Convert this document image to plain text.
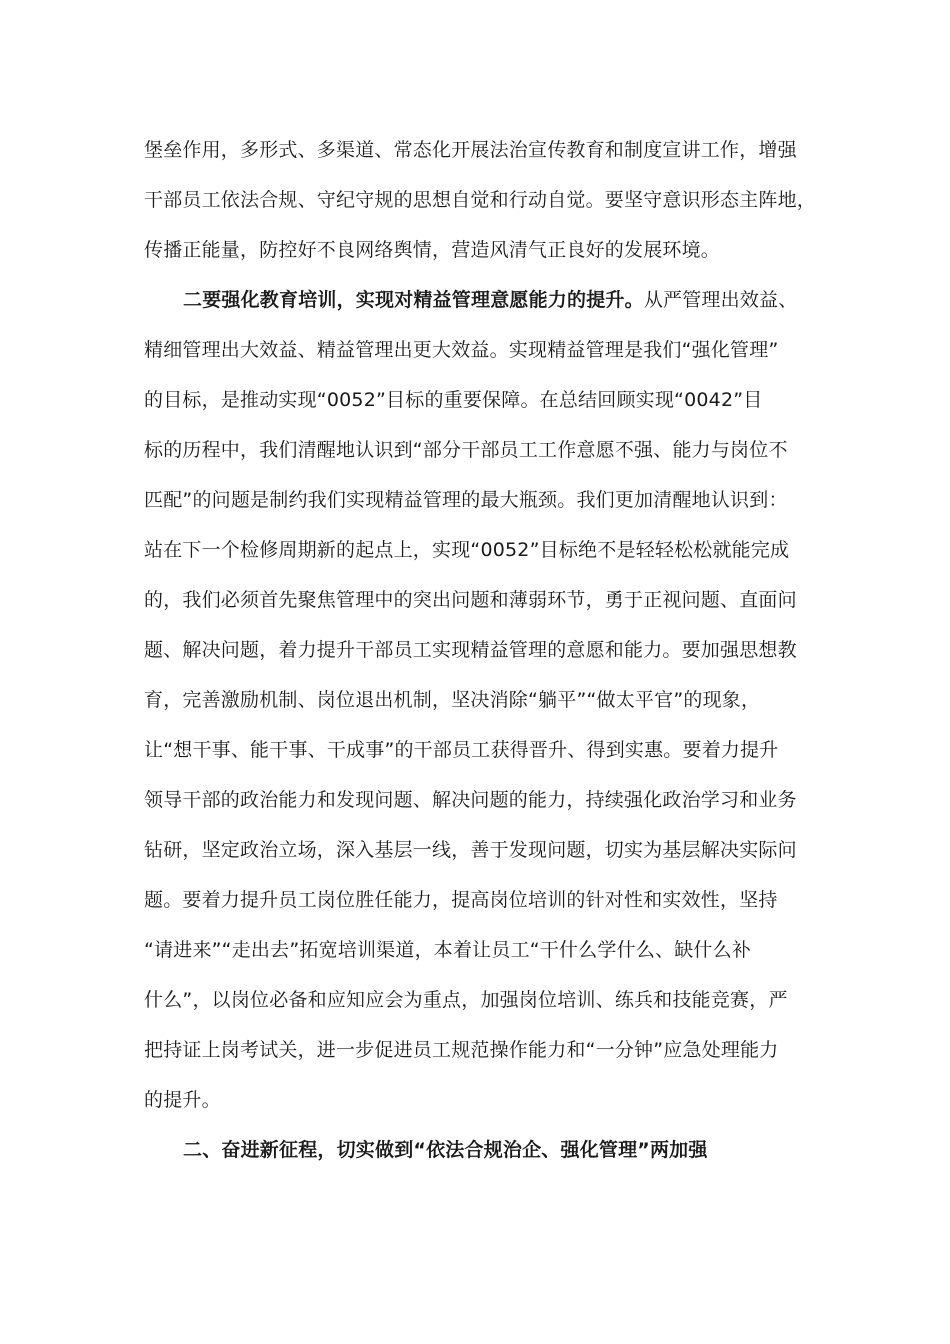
堡垒作用，多形式、多渠道、常态化开展法治宣传教育和制度宣讲工作，增强
干部员工依法合规、守纪守规的思想自觉和行动自觉。要坚守意识形态主阵地，
传播正能量，防控好不良网络舆情，营造风清气正良好的发展环境。
二要强化教育培训，实现对精益管理意愿能力的提升。从严管理出效益、
精细管理出大效益、精益管理出更大效益。实现精益管理是我们“强化管理”
的目标，是推动实现“0052”目标的重要保障。在总结回顾实现“0042”目
标的历程中，我们清醒地认识到“部分干部员工工作意愿不强、能力与岗位不
匹配”的问题是制约我们实现精益管理的最大瓶颈。我们更加清醒地认识到：
站在下一个检修周期新的起点上，实现“0052”目标绝不是轻轻松松就能完成
的，我们必须首先聚焦管理中的突出问题和薄弱环节，勇于正视问题、直面问
题、解决问题，着力提升干部员工实现精益管理的意愿和能力。要加强思想教
育，完善激励机制、岗位退出机制，坚决消除“躺平”“做太平官”的现象，
让“想干事、能干事、干成事”的干部员工获得晋升、得到实惠。要着力提升
领导干部的政治能力和发现问题、解决问题的能力，持续强化政治学习和业务
钻研，坚定政治立场，深入基层一线，善于发现问题，切实为基层解决实际问
题。要着力提升员工岗位胜任能力，提高岗位培训的针对性和实效性，坚持
“请进来”“走出去”拓宽培训渠道，本着让员工“干什么学什么、缺什么补
什么”，以岗位必备和应知应会为重点，加强岗位培训、练兵和技能竞赛，严
把持证上岗考试关，进一步促进员工规范操作能力和“一分钟”应急处理能力
的提升。
二、奋进新征程，切实做到“依法合规治企、强化管理”两加强
